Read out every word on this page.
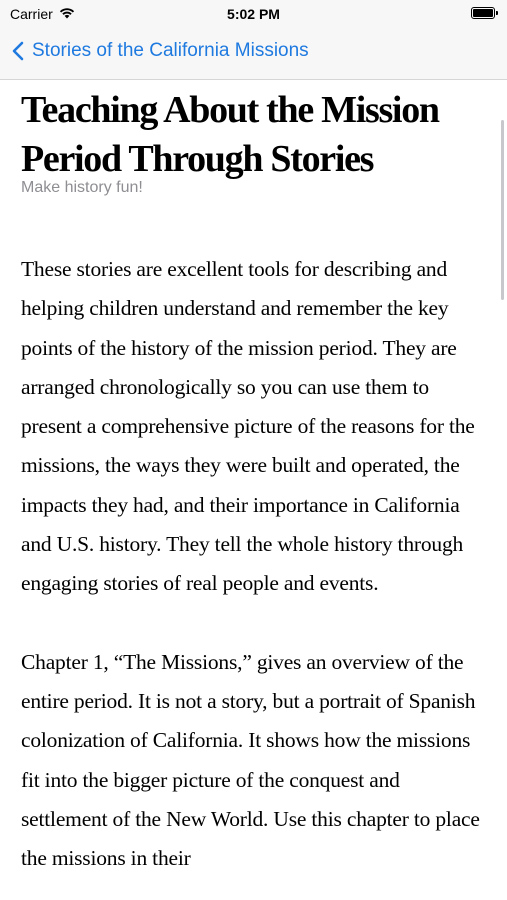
Carrier	5:02 PM
Stories of the California Missions
Teaching About the Mission Period Through Stories
Make history fun!

These stories are excellent tools for describing and helping children understand and remember the key points of the history of the mission period. They are arranged chronologically so you can use them to present a comprehensive picture of the reasons for the missions, the ways they were built and operated, the impacts they had, and their importance in California and U.S. history. They tell the whole history through engaging stories of real people and events.

Chapter 1, “The Missions,” gives an overview of the entire period. It is not a story, but a portrait of Spanish colonization of California. It shows how the missions fit into the bigger picture of the conquest and settlement of the New World. Use this chapter to place the missions in their
